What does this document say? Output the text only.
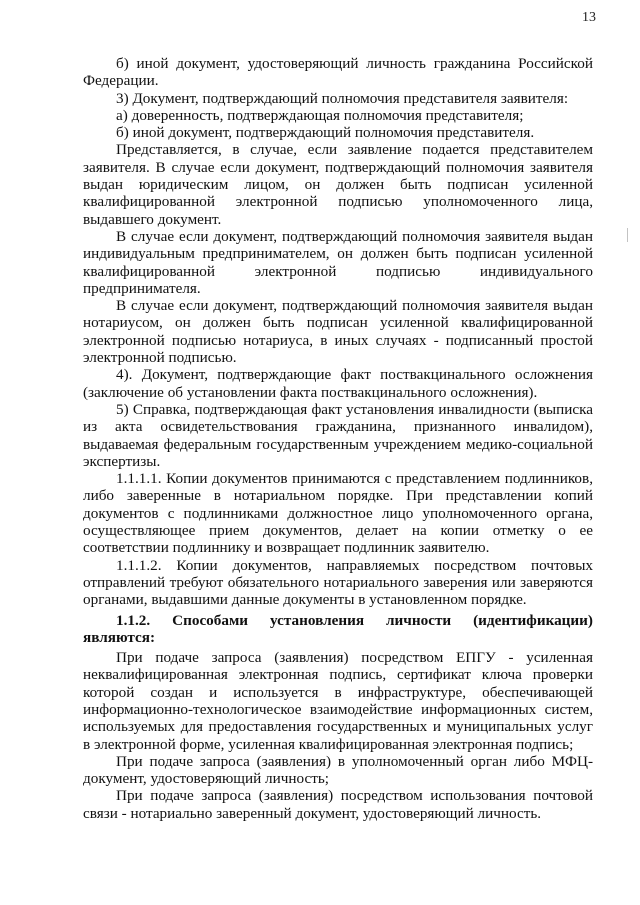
13

б) иной документ, удостоверяющий личность гражданина Российской Федерации.

3) Документ, подтверждающий полномочия представителя заявителя:

а) доверенность, подтверждающая полномочия представителя;

б) иной документ, подтверждающий полномочия представителя.

Представляется, в случае, если заявление подается представителем заявителя. В случае если документ, подтверждающий полномочия заявителя выдан юридическим лицом, он должен быть подписан усиленной квалифицированной электронной подписью уполномоченного лица, выдавшего документ.

В случае если документ, подтверждающий полномочия заявителя выдан индивидуальным предпринимателем, он должен быть подписан усиленной квалифицированной электронной подписью индивидуального предпринимателя.

В случае если документ, подтверждающий полномочия заявителя выдан нотариусом, он должен быть подписан усиленной квалифицированной электронной подписью нотариуса, в иных случаях - подписанный простой электронной подписью.

4). Документ, подтверждающие факт поствакцинального осложнения (заключение об установлении факта поствакцинального осложнения).

5) Справка, подтверждающая факт установления инвалидности (выписка из акта освидетельствования гражданина, признанного инвалидом), выдаваемая федеральным государственным учреждением медико-социальной экспертизы.

1.1.1.1. Копии документов принимаются с представлением подлинников, либо заверенные в нотариальном порядке. При представлении копий документов с подлинниками должностное лицо уполномоченного органа, осуществляющее прием документов, делает на копии отметку о ее соответствии подлиннику и возвращает подлинник заявителю.

1.1.1.2. Копии документов, направляемых посредством почтовых отправлений требуют обязательного нотариального заверения или заверяются органами, выдавшими данные документы в установленном порядке.

1.1.2. Способами установления личности (идентификации) являются:

При подаче запроса (заявления) посредством ЕПГУ - усиленная неквалифицированная электронная подпись, сертификат ключа проверки которой создан и используется в инфраструктуре, обеспечивающей информационно-технологическое взаимодействие информационных систем, используемых для предоставления государственных и муниципальных услуг в электронной форме, усиленная квалифицированная электронная подпись;

При подаче запроса (заявления) в уполномоченный орган либо МФЦ- документ, удостоверяющий личность;

При подаче запроса (заявления) посредством использования почтовой связи - нотариально заверенный документ, удостоверяющий личность.
